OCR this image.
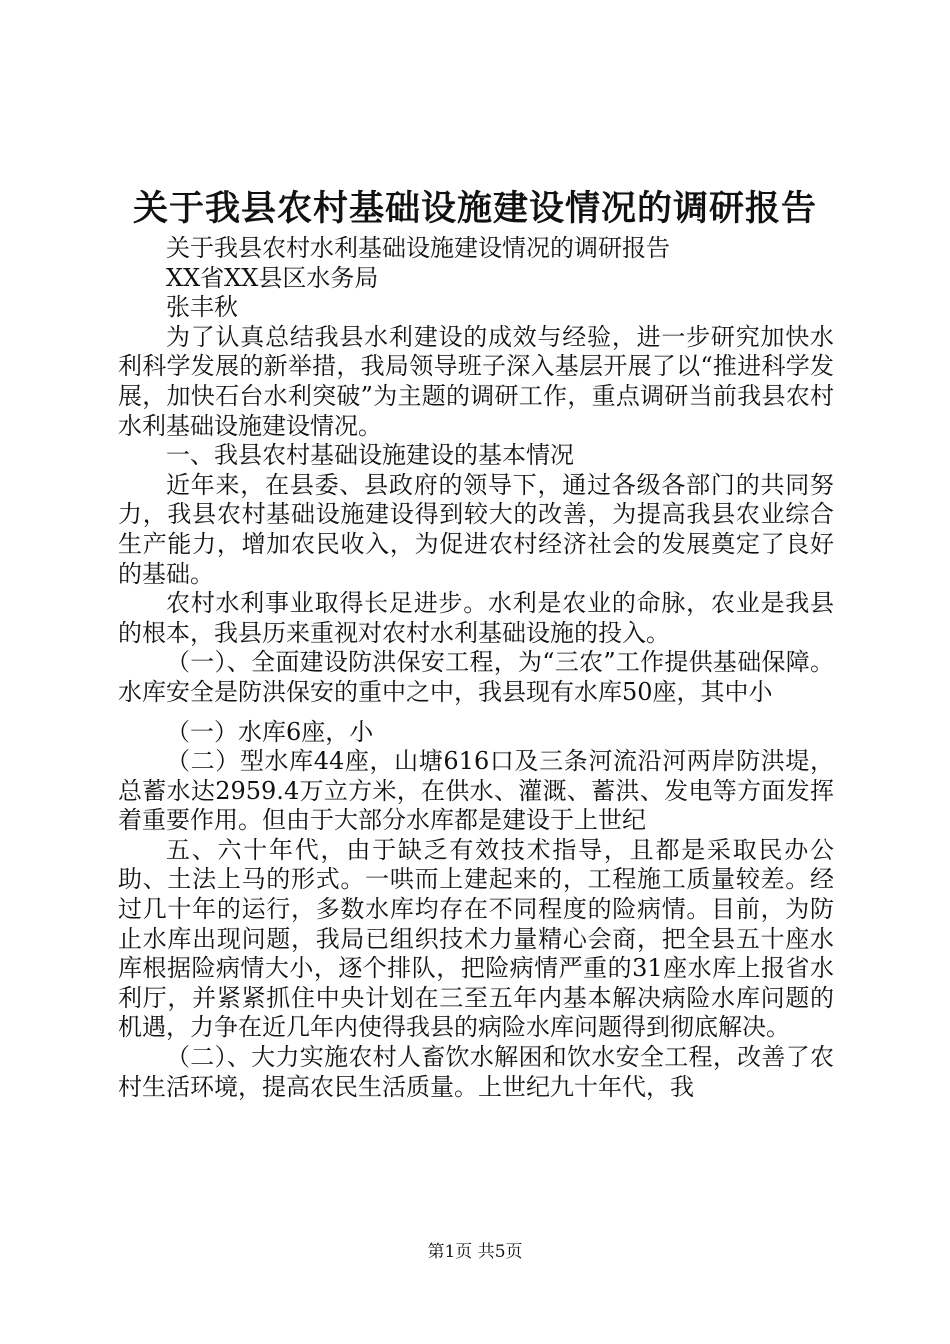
关于我县农村基础设施建设情况的调研报告

关于我县农村水利基础设施建设情况的调研报告

XX省XX县区水务局

张丰秋

为了认真总结我县水利建设的成效与经验，进一步研究加快水利科学发展的新举措，我局领导班子深入基层开展了以“推进科学发展，加快石台水利突破”为主题的调研工作，重点调研当前我县农村水利基础设施建设情况。

一、我县农村基础设施建设的基本情况

近年来，在县委、县政府的领导下，通过各级各部门的共同努力，我县农村基础设施建设得到较大的改善，为提高我县农业综合生产能力，增加农民收入，为促进农村经济社会的发展奠定了良好的基础。

农村水利事业取得长足进步。水利是农业的命脉，农业是我县的根本，我县历来重视对农村水利基础设施的投入。

（一）、全面建设防洪保安工程，为“三农”工作提供基础保障。水库安全是防洪保安的重中之中，我县现有水库50座，其中小

（一）水库6座，小

（二）型水库44座，山塘616口及三条河流沿河两岸防洪堤，总蓄水达2959.4万立方米，在供水、灌溉、蓄洪、发电等方面发挥着重要作用。但由于大部分水库都是建设于上世纪

五、六十年代，由于缺乏有效技术指导，且都是采取民办公助、土法上马的形式。一哄而上建起来的，工程施工质量较差。经过几十年的运行，多数水库均存在不同程度的险病情。目前，为防止水库出现问题，我局已组织技术力量精心会商，把全县五十座水库根据险病情大小，逐个排队，把险病情严重的31座水库上报省水利厅，并紧紧抓住中央计划在三至五年内基本解决病险水库问题的机遇，力争在近几年内使得我县的病险水库问题得到彻底解决。

（二）、大力实施农村人畜饮水解困和饮水安全工程，改善了农村生活环境，提高农民生活质量。上世纪九十年代，我

第1页 共5页
